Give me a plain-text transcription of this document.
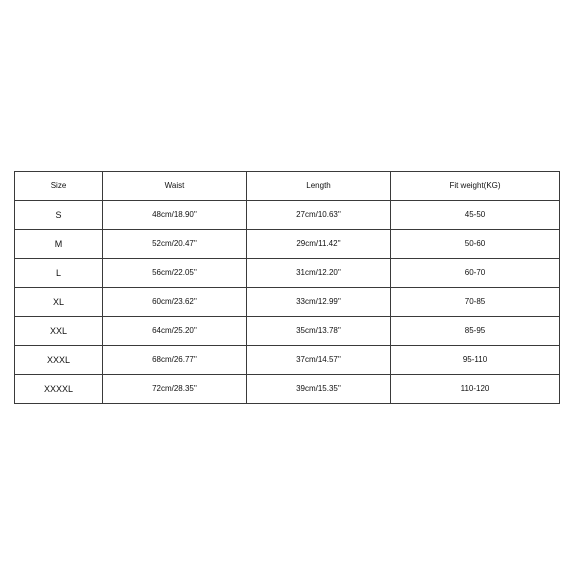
Size	Waist	Length	Fit weight(KG)
S	48cm/18.90''	27cm/10.63''	45-50
M	52cm/20.47''	29cm/11.42''	50-60
L	56cm/22.05''	31cm/12.20''	60-70
XL	60cm/23.62''	33cm/12.99''	70-85
XXL	64cm/25.20''	35cm/13.78''	85-95
XXXL	68cm/26.77''	37cm/14.57''	95-110
XXXXL	72cm/28.35''	39cm/15.35''	110-120
